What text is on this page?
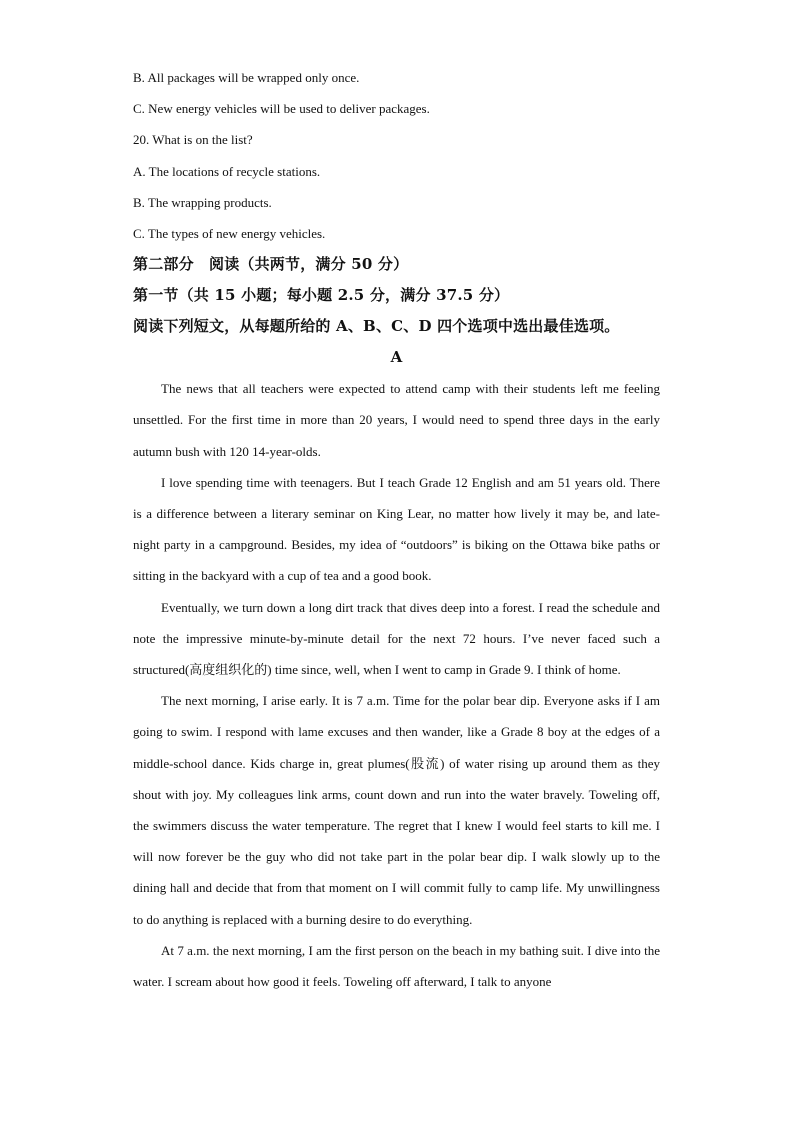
B. All packages will be wrapped only once.
C. New energy vehicles will be used to deliver packages.
20. What is on the list?
A. The locations of recycle stations.
B. The wrapping products.
C. The types of new energy vehicles.
第二部分　阅读（共两节，满分 50 分）
第一节（共 15 小题；每小题 2.5 分，满分 37.5 分）
阅读下列短文，从每题所给的 A、B、C、D 四个选项中选出最佳选项。
A

The news that all teachers were expected to attend camp with their students left me feeling unsettled. For the first time in more than 20 years, I would need to spend three days in the early autumn bush with 120 14-year-olds.

I love spending time with teenagers. But I teach Grade 12 English and am 51 years old. There is a difference between a literary seminar on King Lear, no matter how lively it may be, and late-night party in a campground. Besides, my idea of “outdoors” is biking on the Ottawa bike paths or sitting in the backyard with a cup of tea and a good book.

Eventually, we turn down a long dirt track that dives deep into a forest. I read the schedule and note the impressive minute-by-minute detail for the next 72 hours. I’ve never faced such a structured(高度组织化的) time since, well, when I went to camp in Grade 9. I think of home.

The next morning, I arise early. It is 7 a.m. Time for the polar bear dip. Everyone asks if I am going to swim. I respond with lame excuses and then wander, like a Grade 8 boy at the edges of a middle-school dance. Kids charge in, great plumes(股流) of water rising up around them as they shout with joy. My colleagues link arms, count down and run into the water bravely. Toweling off, the swimmers discuss the water temperature. The regret that I knew I would feel starts to kill me. I will now forever be the guy who did not take part in the polar bear dip. I walk slowly up to the dining hall and decide that from that moment on I will commit fully to camp life. My unwillingness to do anything is replaced with a burning desire to do everything.

At 7 a.m. the next morning, I am the first person on the beach in my bathing suit. I dive into the water. I scream about how good it feels. Toweling off afterward, I talk to anyone
